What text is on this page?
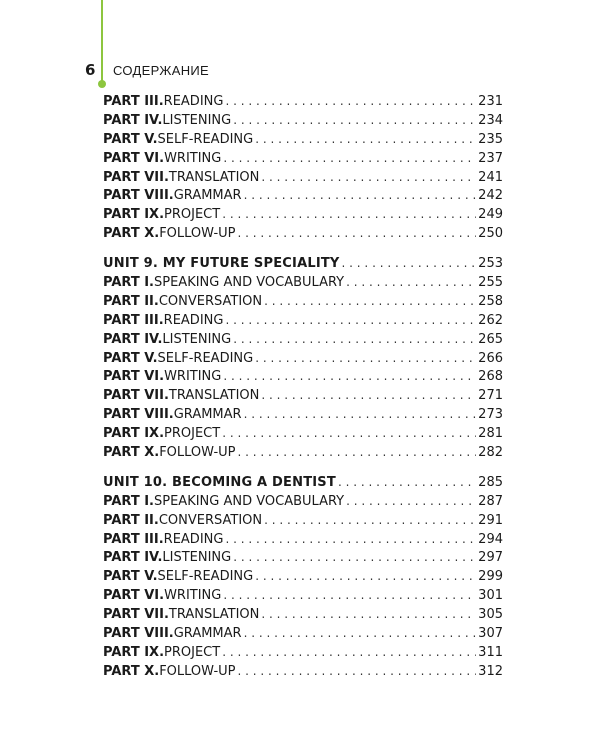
6 СОДЕРЖАНИЕ
PART III. READING . . .	231
PART IV. LISTENING . . .	234
PART V. SELF-READING . . .	235
PART VI. WRITING . . .	237
PART VII. TRANSLATION . . .	241
PART VIII. GRAMMAR . . .	242
PART IX. PROJECT . . .	249
PART X. FOLLOW-UP . . .	250
UNIT 9. MY FUTURE SPECIALITY . . .	253
PART I. SPEAKING AND VOCABULARY . . .	255
PART II. CONVERSATION . . .	258
PART III. READING . . .	262
PART IV. LISTENING . . .	265
PART V. SELF-READING . . .	266
PART VI. WRITING . . .	268
PART VII. TRANSLATION . . .	271
PART VIII. GRAMMAR . . .	273
PART IX. PROJECT . . .	281
PART X. FOLLOW-UP . . .	282
UNIT 10. BECOMING A DENTIST . . .	285
PART I. SPEAKING AND VOCABULARY . . .	287
PART II. CONVERSATION . . .	291
PART III. READING . . .	294
PART IV. LISTENING . . .	297
PART V. SELF-READING . . .	299
PART VI. WRITING . . .	301
PART VII. TRANSLATION . . .	305
PART VIII. GRAMMAR . . .	307
PART IX. PROJECT . . .	311
PART X. FOLLOW-UP . . .	312
